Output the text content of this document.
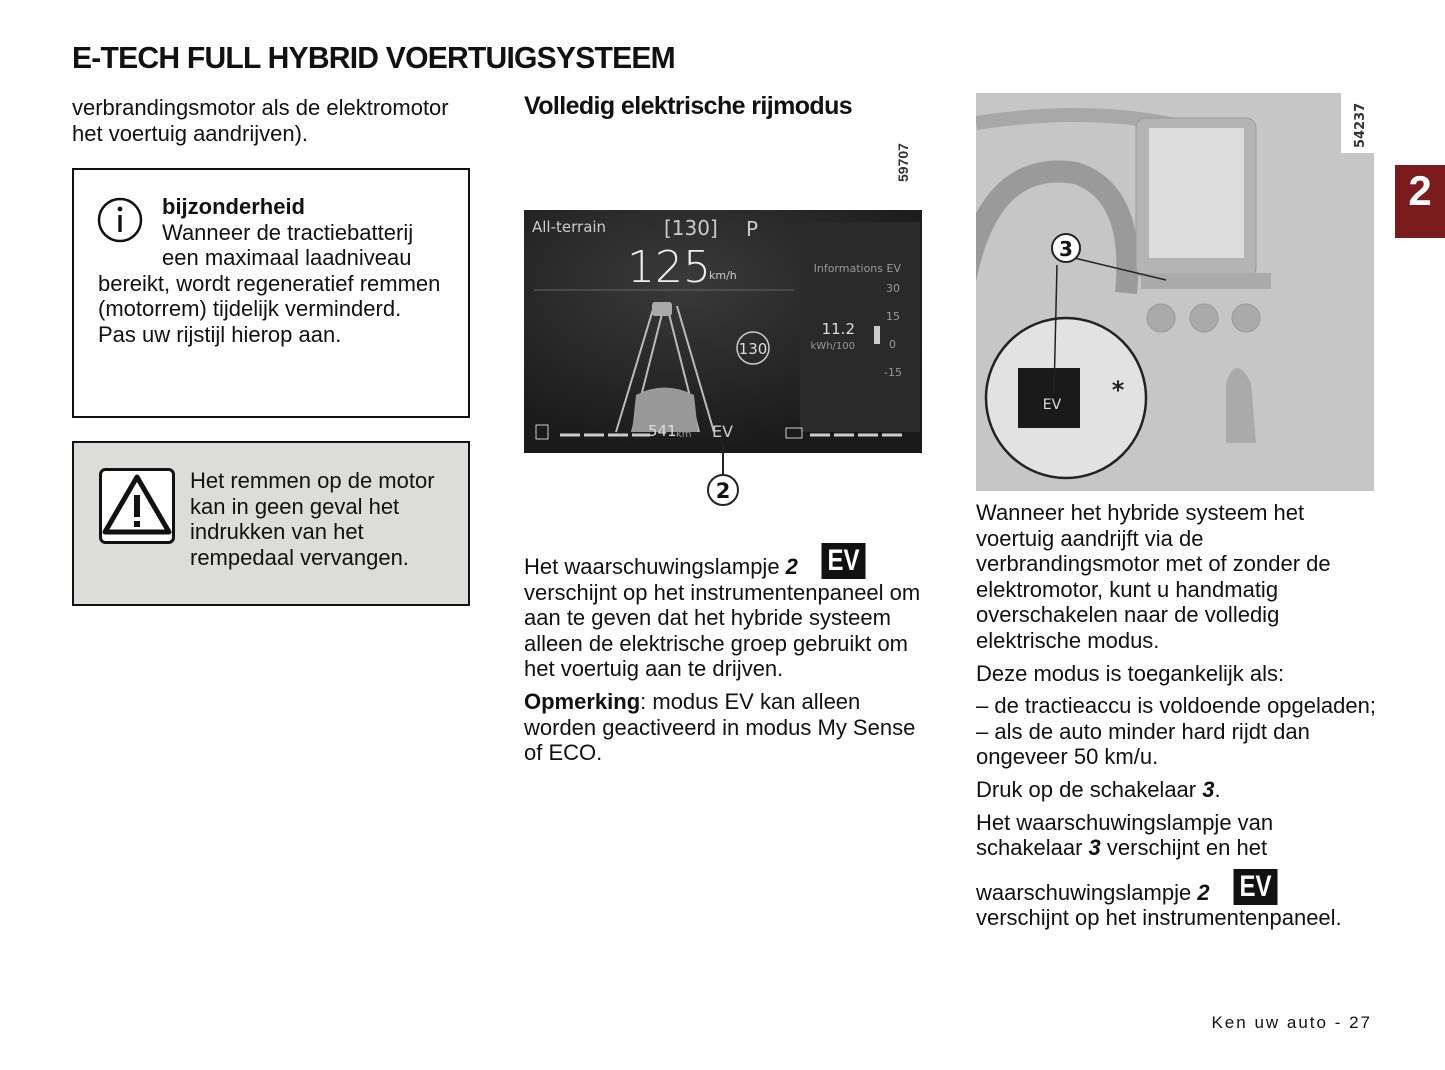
E-TECH FULL HYBRID VOERTUIGSYSTEEM
verbrandingsmotor als de elektromotor het voertuig aandrijven).
bijzonderheid
Wanneer de tractiebatterij
een maximaal laadniveau
bereikt, wordt regeneratief remmen (motorrem) tijdelijk verminderd. Pas uw rijstijl hierop aan.
Het remmen op de motor kan in geen geval het indrukken van het rempedaal vervangen.
Volledig elektrische rijmodus
59707
All-terrain	[130] P
125
km/h
130
Informations EV
30
15
0
-15
11.2
kWh/100
541 km EV
2
Het waarschuwingslampje 2 EV
verschijnt op het instrumentenpaneel om aan te geven dat het hybride systeem alleen de elektrische groep gebruikt om het voertuig aan te drijven.
Opmerking: modus EV kan alleen worden geactiveerd in modus My Sense of ECO.
54237
EV
*
3
Wanneer het hybride systeem het voertuig aandrijft via de verbrandingsmotor met of zonder de elektromotor, kunt u handmatig overschakelen naar de volledig elektrische modus.
Deze modus is toegankelijk als:
– de tractieaccu is voldoende opgeladen;
– als de auto minder hard rijdt dan ongeveer 50 km/u.
Druk op de schakelaar 3.
Het waarschuwingslampje van schakelaar 3 verschijnt en het
waarschuwingslampje 2 EV
verschijnt op het instrumentenpaneel.
2
Ken uw auto - 27
